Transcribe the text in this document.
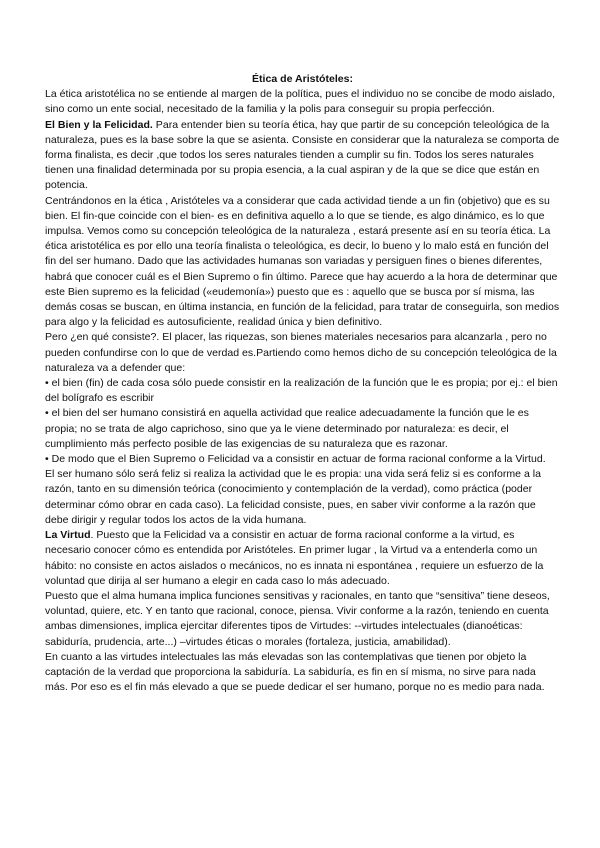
Ética de Aristóteles:

La ética aristotélica no se entiende al margen de la política, pues el individuo no se concibe de modo aislado, sino como un ente social, necesitado de la familia y la polis para conseguir su propia perfección.

El Bien y la Felicidad. Para entender bien su teoría ética, hay que partir de su concepción teleológica de la naturaleza, pues es la base sobre la que se asienta. Consiste en considerar que la naturaleza se comporta de forma finalista, es decir ,que todos los seres naturales tienden a cumplir su fin. Todos los seres naturales tienen una finalidad determinada por su propia esencia, a la cual aspiran y de la que se dice que están en potencia.

Centrándonos en la ética , Aristóteles va a considerar que cada actividad tiende a un fin (objetivo) que es su bien. El fin-que coincide con el bien- es en definitiva aquello a lo que se tiende, es algo dinámico, es lo que impulsa. Vemos como su concepción teleológica de la naturaleza , estará presente así en su teoría ética. La ética aristotélica es por ello una teoría finalista o teleológica, es decir, lo bueno y lo malo está en función del fin del ser humano. Dado que las actividades humanas son variadas y persiguen fines o bienes diferentes, habrá que conocer cuál es el Bien Supremo o fin último. Parece que hay acuerdo a la hora de determinar que este Bien supremo es la felicidad («eudemonía») puesto que es : aquello que se busca por sí misma, las demás cosas se buscan, en última instancia, en función de la felicidad, para tratar de conseguirla, son medios para algo y la felicidad es autosuficiente, realidad única y bien definitivo.

Pero ¿en qué consiste?. El placer, las riquezas, son bienes materiales necesarios para alcanzarla , pero no pueden confundirse con lo que de verdad es.Partiendo como hemos dicho de su concepción teleológica de la naturaleza va a defender que:

• el bien (fin) de cada cosa sólo puede consistir en la realización de la función que le es propia; por ej.: el bien del bolígrafo es escribir

• el bien del ser humano consistirá en aquella actividad que realice adecuadamente la función que le es propia; no se trata de algo caprichoso, sino que ya le viene determinado por naturaleza: es decir, el cumplimiento más perfecto posible de las exigencias de su naturaleza que es razonar.

• De modo que el Bien Supremo o Felicidad va a consistir en actuar de forma racional conforme a la Virtud.

El ser humano sólo será feliz si realiza la actividad que le es propia: una vida será feliz si es conforme a la razón, tanto en su dimensión teórica (conocimiento y contemplación de la verdad), como práctica (poder determinar cómo obrar en cada caso). La felicidad consiste, pues, en saber vivir conforme a la razón que debe dirigir y regular todos los actos de la vida humana.

La Virtud. Puesto que la Felicidad va a consistir en actuar de forma racional conforme a la virtud, es necesario conocer cómo es entendida por Aristóteles. En primer lugar , la Virtud va a entenderla como un hábito: no consiste en actos aislados o mecánicos, no es innata ni espontánea , requiere un esfuerzo de la voluntad que dirija al ser humano a elegir en cada caso lo más adecuado.

Puesto que el alma humana implica funciones sensitivas y racionales, en tanto que “sensitiva” tiene deseos, voluntad, quiere, etc. Y en tanto que racional, conoce, piensa. Vivir conforme a la razón, teniendo en cuenta ambas dimensiones, implica ejercitar diferentes tipos de Virtudes: --virtudes intelectuales (dianoéticas: sabiduría, prudencia, arte...) –virtudes éticas o morales (fortaleza, justicia, amabilidad).

En cuanto a las virtudes intelectuales las más elevadas son las contemplativas que tienen por objeto la captación de la verdad que proporciona la sabiduría. La sabiduría, es fin en sí misma, no sirve para nada más. Por eso es el fin más elevado a que se puede dedicar el ser humano, porque no es medio para nada.
